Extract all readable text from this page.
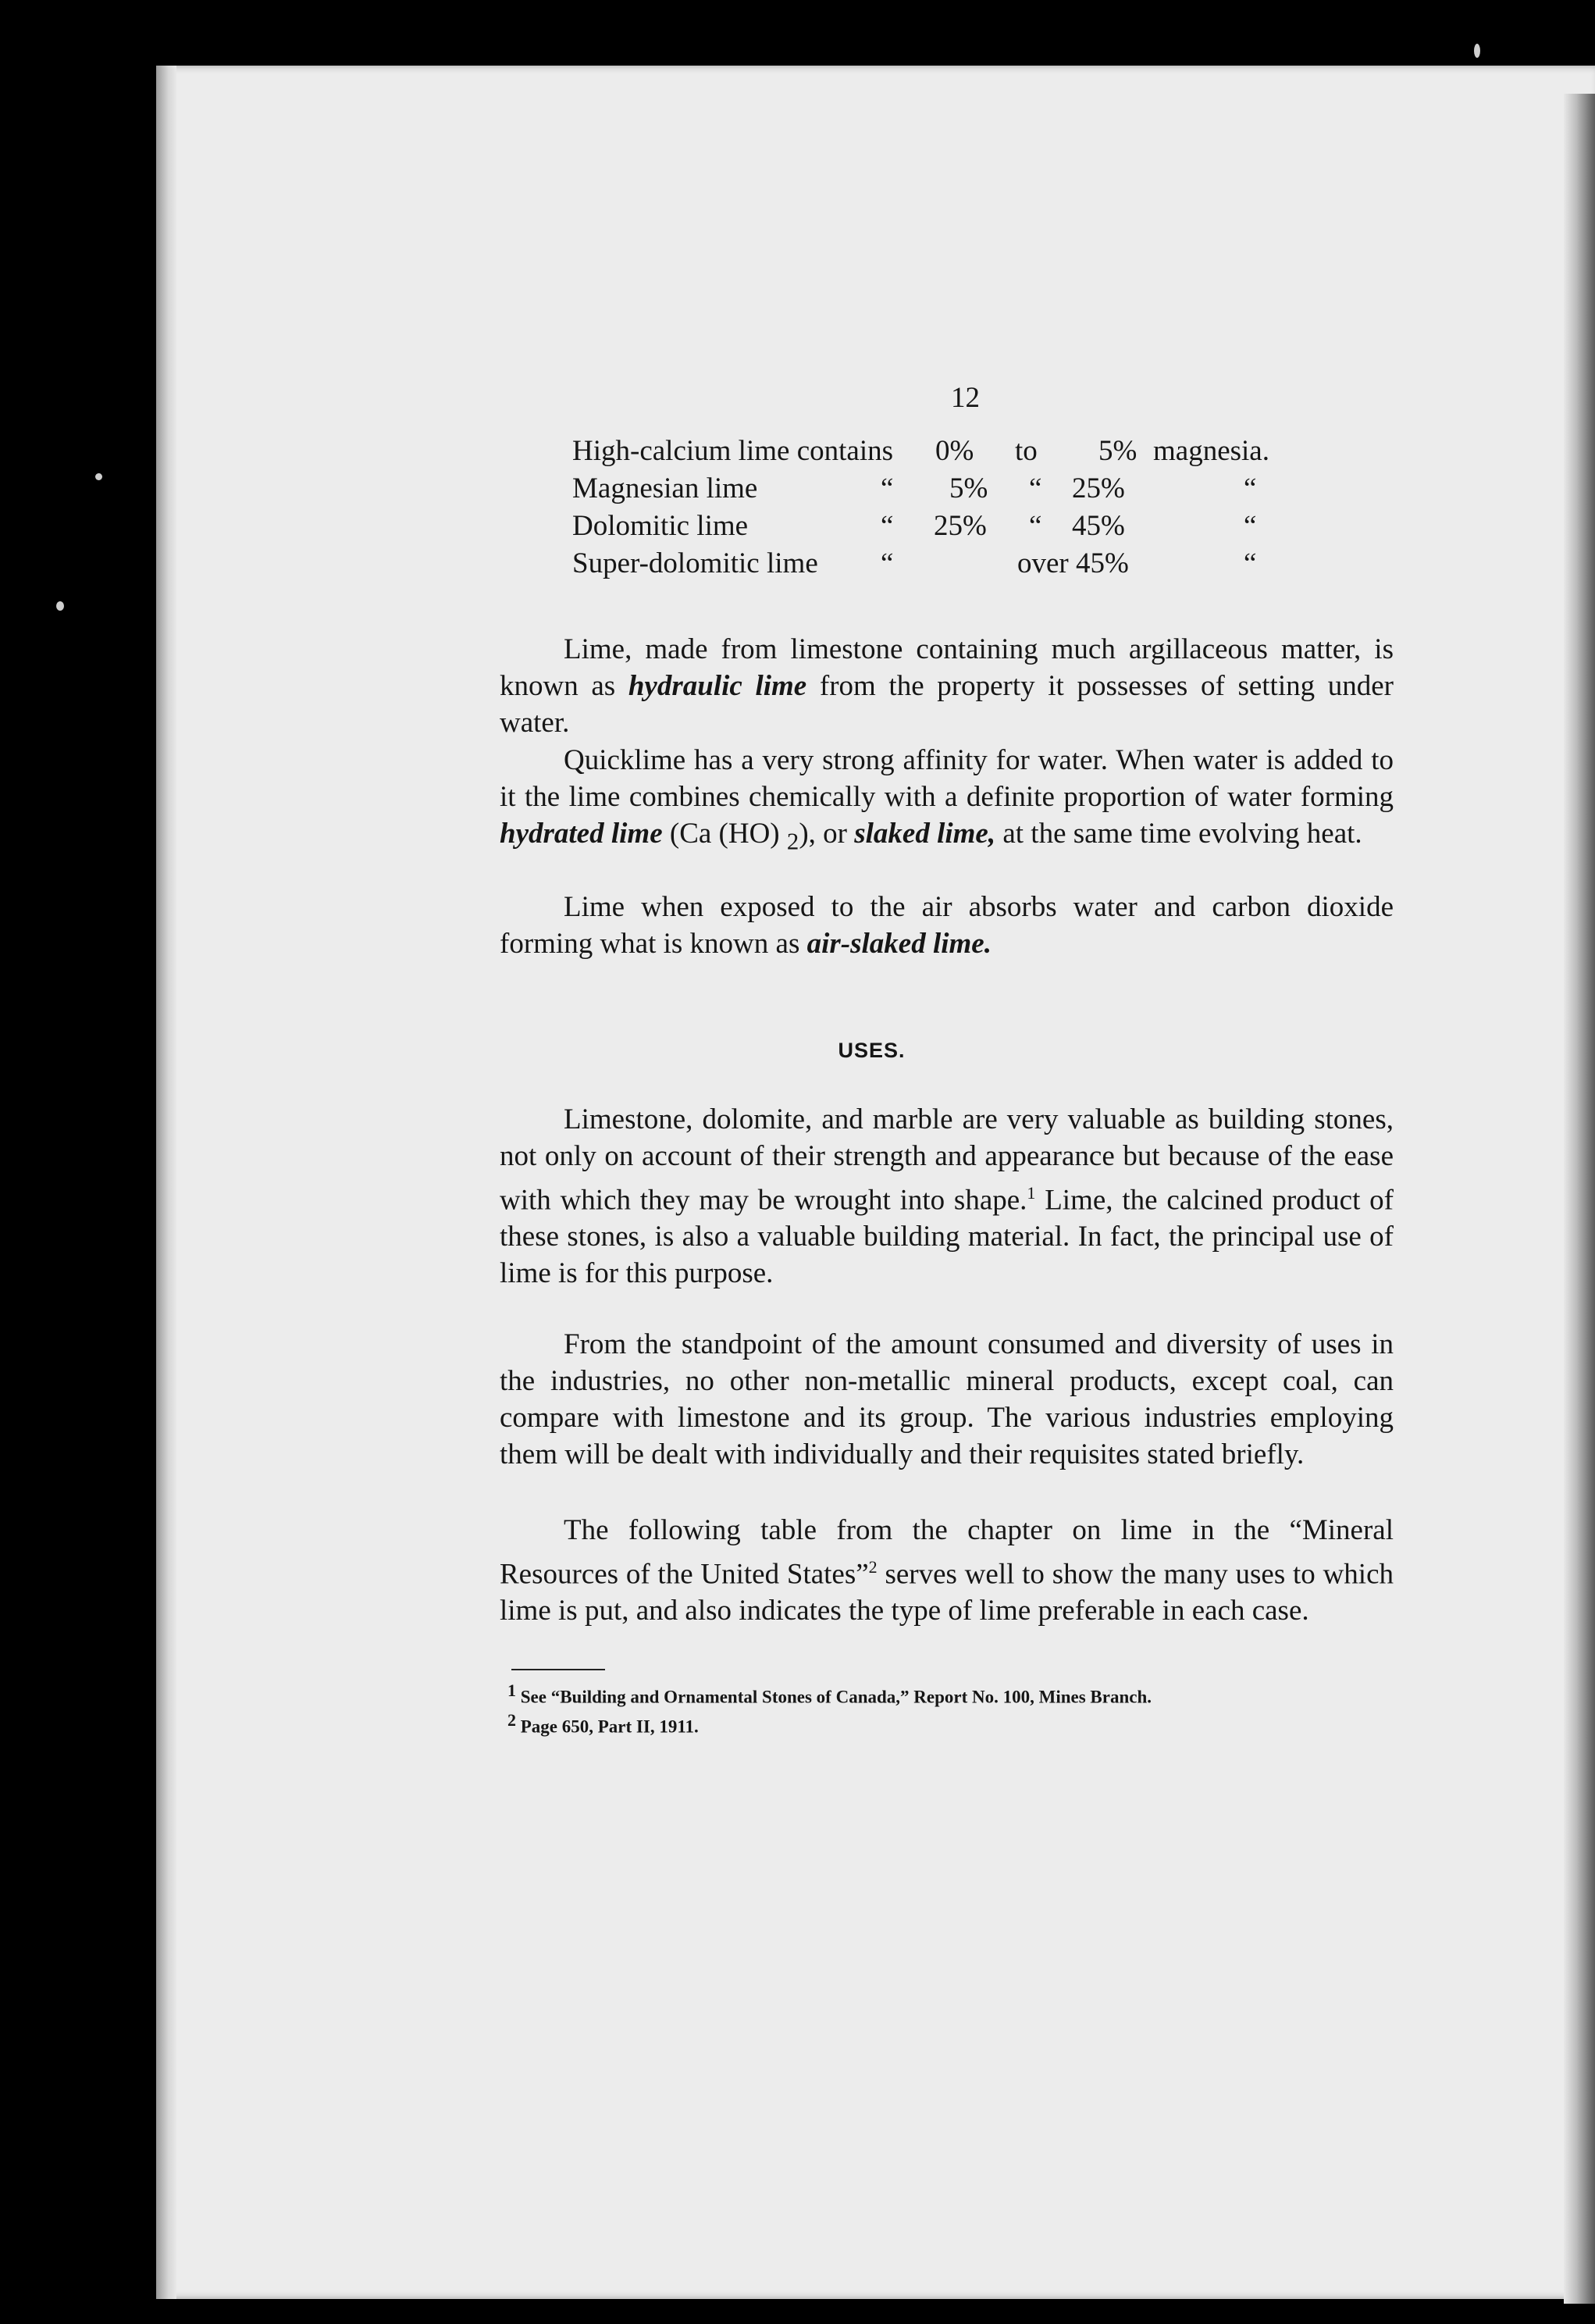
12
High-calcium lime contains 0% to 5% magnesia.
Magnesian lime	“ 5% “ 25%	“
Dolomitic lime	“ 25% “ 45%	“
Super-dolomitic lime “	over 45%	“

Lime, made from limestone containing much argillaceous matter, is known as hydraulic lime from the property it possesses of setting under water.

Quicklime has a very strong affinity for water. When water is added to it the lime combines chemically with a definite proportion of water forming hydrated lime (Ca (HO) $_2$), or slaked lime, at the same time evolving heat.

Lime when exposed to the air absorbs water and carbon dioxide forming what is known as air-slaked lime.

USES.

Limestone, dolomite, and marble are very valuable as building stones, not only on account of their strength and appearance but because of the ease with which they may be wrought into shape.$^1$ Lime, the calcined product of these stones, is also a valuable building material. In fact, the principal use of lime is for this purpose.

From the standpoint of the amount consumed and diversity of uses in the industries, no other non-metallic mineral products, except coal, can compare with limestone and its group. The various industries employing them will be dealt with individually and their requisites stated briefly.

The following table from the chapter on lime in the “Mineral Resources of the United States”$^2$ serves well to show the many uses to which lime is put, and also indicates the type of lime preferable in each case.

$^1$ See “Building and Ornamental Stones of Canada,” Report No. 100, Mines Branch.
$^2$ Page 650, Part II, 1911.
